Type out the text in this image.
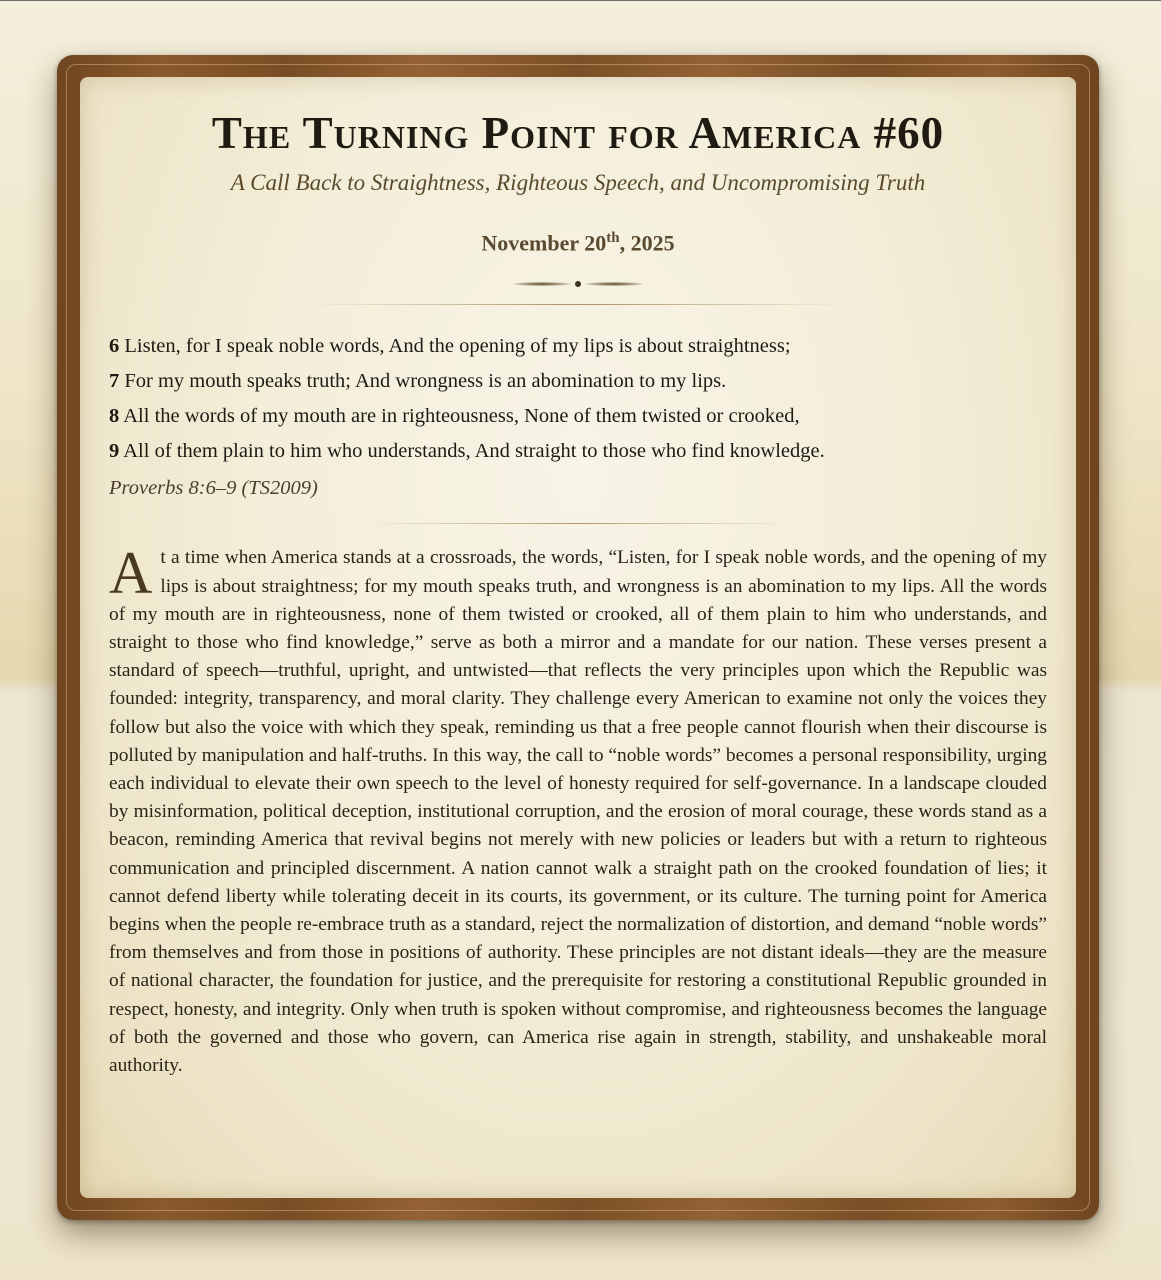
The Turning Point for America #60
A Call Back to Straightness, Righteous Speech, and Uncompromising Truth
November 20th, 2025
6 Listen, for I speak noble words, And the opening of my lips is about straightness;
7 For my mouth speaks truth; And wrongness is an abomination to my lips.
8 All the words of my mouth are in righteousness, None of them twisted or crooked,
9 All of them plain to him who understands, And straight to those who find knowledge.
Proverbs 8:6–9 (TS2009)

At a time when America stands at a crossroads, the words, “Listen, for I speak noble words, and the opening of my lips is about straightness; for my mouth speaks truth, and wrongness is an abomination to my lips. All the words of my mouth are in righteousness, none of them twisted or crooked, all of them plain to him who understands, and straight to those who find knowledge,” serve as both a mirror and a mandate for our nation. These verses present a standard of speech—truthful, upright, and untwisted—that reflects the very principles upon which the Republic was founded: integrity, transparency, and moral clarity. They challenge every American to examine not only the voices they follow but also the voice with which they speak, reminding us that a free people cannot flourish when their discourse is polluted by manipulation and half-truths. In this way, the call to “noble words” becomes a personal responsibility, urging each individual to elevate their own speech to the level of honesty required for self-governance. In a landscape clouded by misinformation, political deception, institutional corruption, and the erosion of moral courage, these words stand as a beacon, reminding America that revival begins not merely with new policies or leaders but with a return to righteous communication and principled discernment. A nation cannot walk a straight path on the crooked foundation of lies; it cannot defend liberty while tolerating deceit in its courts, its government, or its culture. The turning point for America begins when the people re-embrace truth as a standard, reject the normalization of distortion, and demand “noble words” from themselves and from those in positions of authority. These principles are not distant ideals—they are the measure of national character, the foundation for justice, and the prerequisite for restoring a constitutional Republic grounded in respect, honesty, and integrity. Only when truth is spoken without compromise, and righteousness becomes the language of both the governed and those who govern, can America rise again in strength, stability, and unshakeable moral authority.
